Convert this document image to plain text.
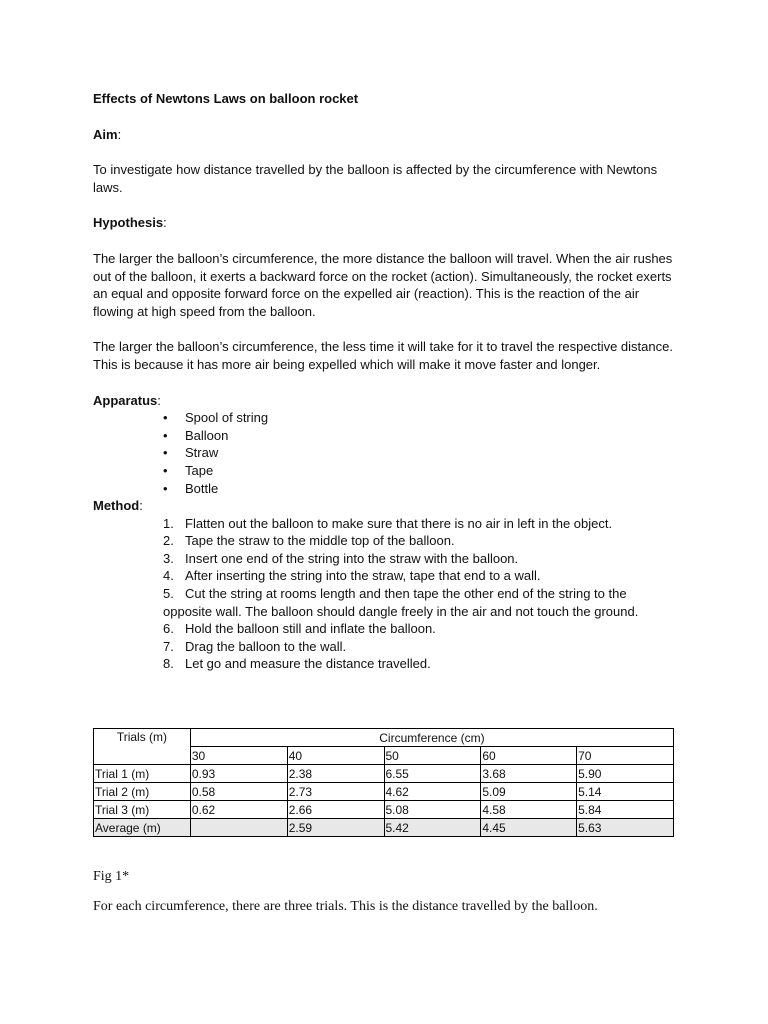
Effects of Newtons Laws on balloon rocket
Aim:
To investigate how distance travelled by the balloon is affected by the circumference with Newtons laws.
Hypothesis:
The larger the balloon’s circumference, the more distance the balloon will travel. When the air rushes out of the balloon, it exerts a backward force on the rocket (action). Simultaneously, the rocket exerts an equal and opposite forward force on the expelled air (reaction). This is the reaction of the air flowing at high speed from the balloon.
The larger the balloon’s circumference, the less time it will take for it to travel the respective distance. This is because it has more air being expelled which will make it move faster and longer.
Apparatus:
• Spool of string
• Balloon
• Straw
• Tape
• Bottle
Method:
1. Flatten out the balloon to make sure that there is no air in left in the object.
2. Tape the straw to the middle top of the balloon.
3. Insert one end of the string into the straw with the balloon.
4. After inserting the string into the straw, tape that end to a wall.
5. Cut the string at rooms length and then tape the other end of the string to the opposite wall. The balloon should dangle freely in the air and not touch the ground.
6. Hold the balloon still and inflate the balloon.
7. Drag the balloon to the wall.
8. Let go and measure the distance travelled.
Trials (m)	Circumference (cm)				
	30	40	50	60	70
Trial 1 (m)	0.93	2.38	6.55	3.68	5.90
Trial 2 (m)	0.58	2.73	4.62	5.09	5.14
Trial 3 (m)	0.62	2.66	5.08	4.58	5.84
Average (m)		2.59	5.42	4.45	5.63
Fig 1*
For each circumference, there are three trials. This is the distance travelled by the balloon.
